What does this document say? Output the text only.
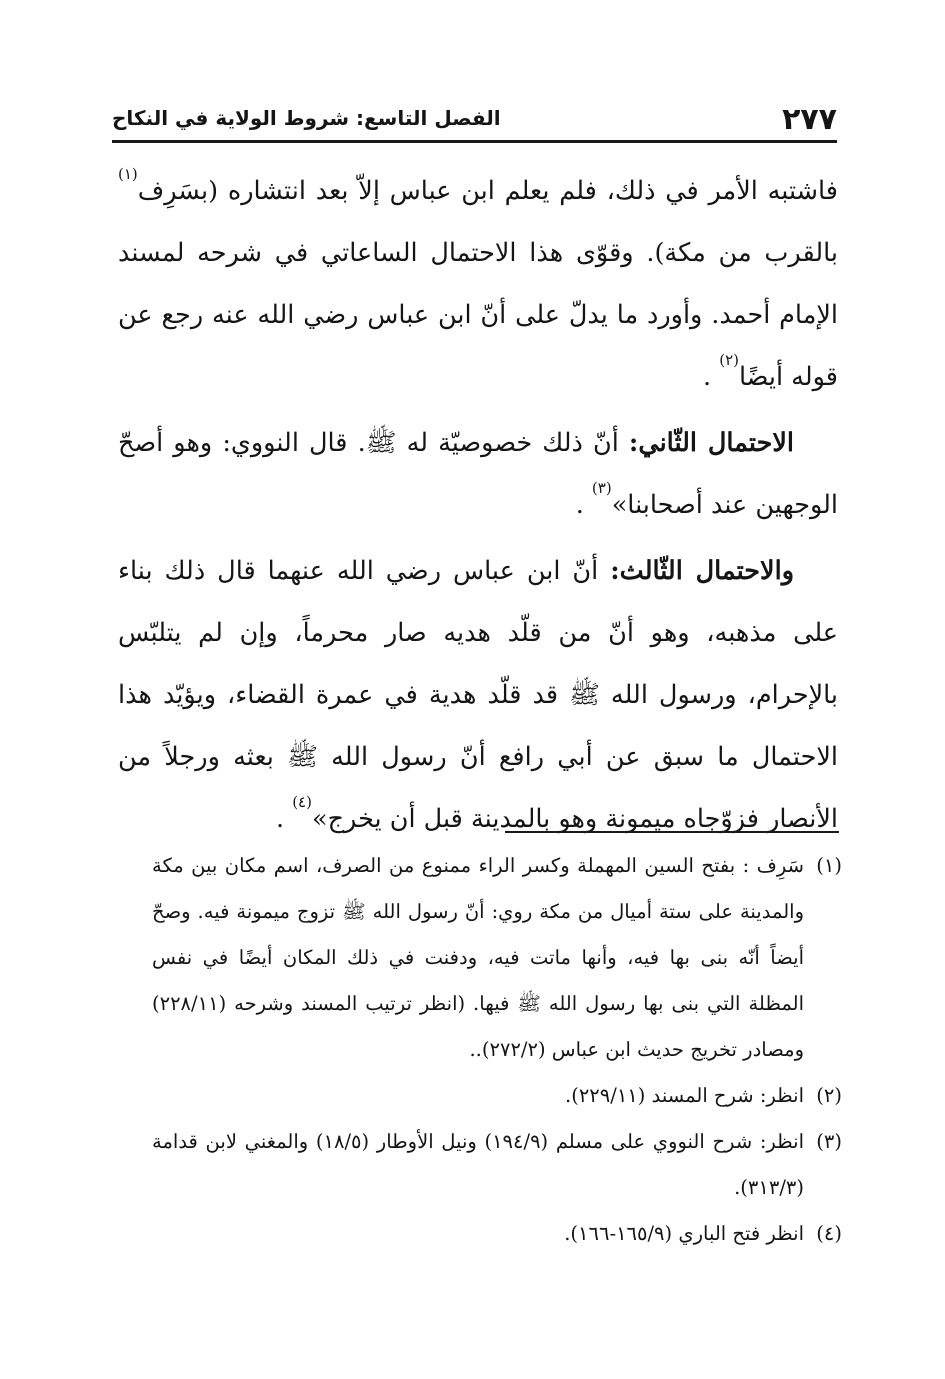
٢٧٧
الفصل التاسع: شروط الولاية في النكاح

فاشتبه الأمر في ذلك، فلم يعلم ابن عباس إلاّ بعد انتشاره (بسَرِف$^{(١)}$ بالقرب من مكة). وقوّى هذا الاحتمال الساعاتي في شرحه لمسند الإمام أحمد. وأورد ما يدلّ على أنّ ابن عباس رضي الله عنه رجع عن قوله أيضًا$^{(٢)}$ .

الاحتمال الثّاني: أنّ ذلك خصوصيّة له ﷺ. قال النووي: وهو أصحّ الوجهين عند أصحابنا»$^{(٣)}$ .

والاحتمال الثّالث: أنّ ابن عباس رضي الله عنهما قال ذلك بناء على مذهبه، وهو أنّ من قلّد هديه صار محرماً، وإن لم يتلبّس بالإحرام، ورسول الله ﷺ قد قلّد هدية في عمرة القضاء، ويؤيّد هذا الاحتمال ما سبق عن أبي رافع أنّ رسول الله ﷺ بعثه ورجلاً من الأنصار فزوّجاه ميمونة وهو بالمدينة قبل أن يخرج»$^{(٤)}$ .

(١)
سَرِف : بفتح السين المهملة وكسر الراء ممنوع من الصرف، اسم مكان بين مكة والمدينة على ستة أميال من مكة روي: أنّ رسول الله ﷺ تزوج ميمونة فيه. وصحّ أيضاً أنّه بنى بها فيه، وأنها ماتت فيه، ودفنت في ذلك المكان أيضًا في نفس المظلة التي بنى بها رسول الله ﷺ فيها. (انظر ترتيب المسند وشرحه (٢٢٨/١١) ومصادر تخريج حديث ابن عباس (٢٧٢/٢)..

(٢)
انظر: شرح المسند (٢٢٩/١١).

(٣)
انظر: شرح النووي على مسلم (١٩٤/٩) ونيل الأوطار (١٨/٥) والمغني لابن قدامة (٣١٣/٣).

(٤)
انظر فتح الباري (١٦٥/٩-١٦٦).
